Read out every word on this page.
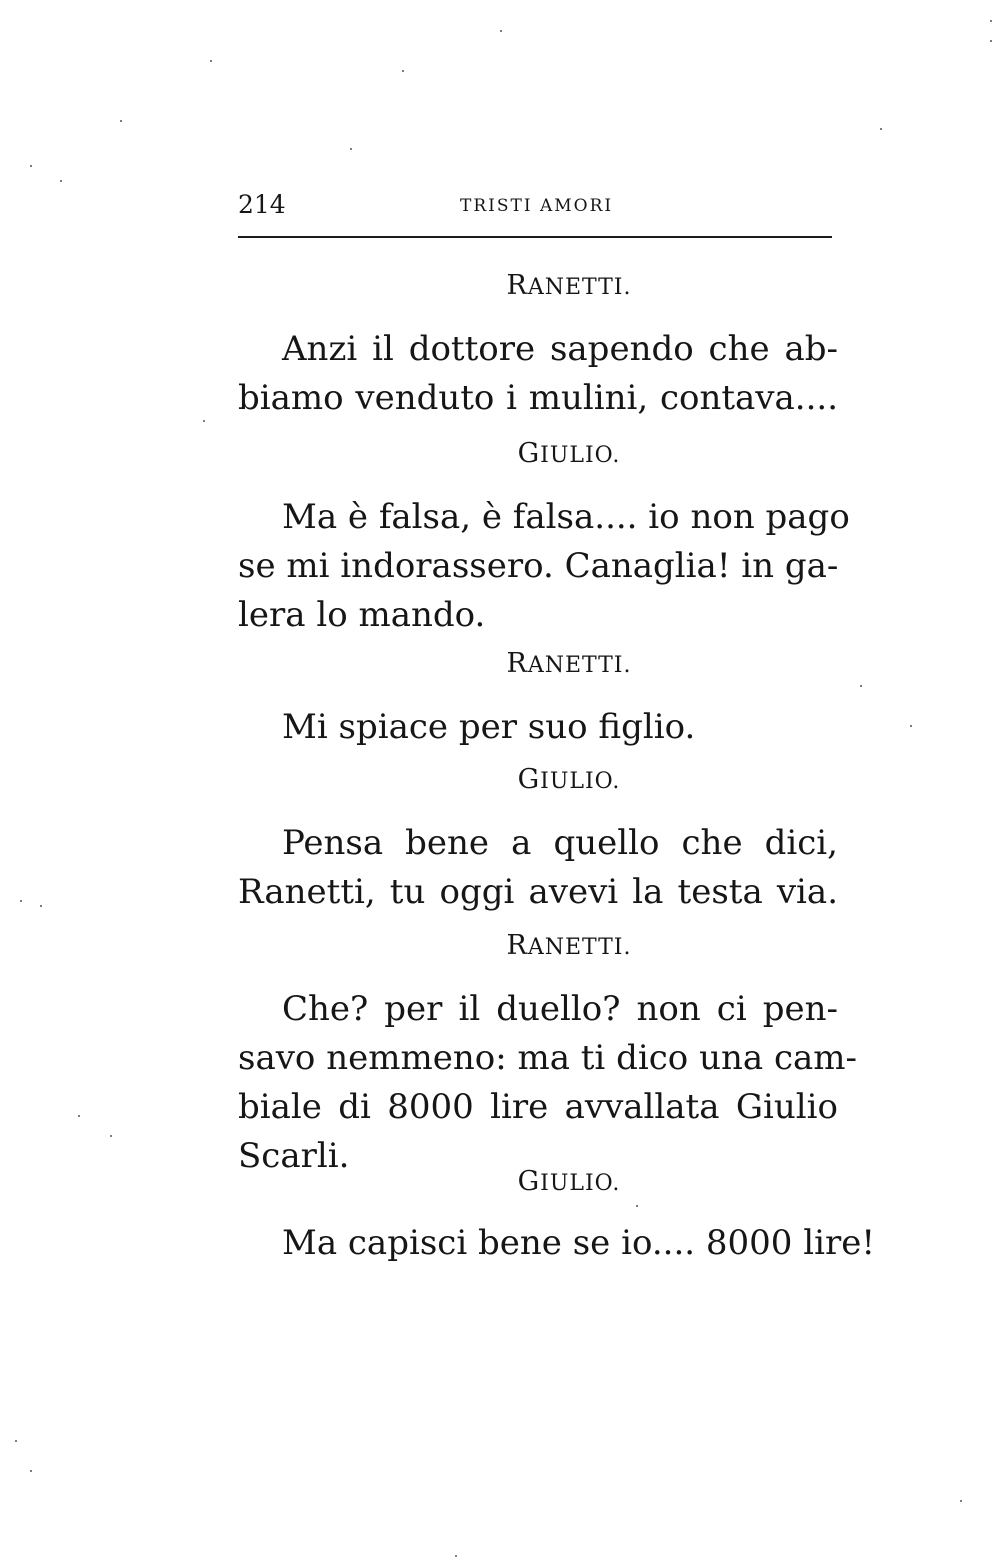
214	TRISTI AMORI
RANETTI.
Anzi il dottore sapendo che ab-
biamo venduto i mulini, contava....
GIULIO.
Ma è falsa, è falsa.... io non pago
se mi indorassero. Canaglia! in ga-
lera lo mando.
RANETTI.
Mi spiace per suo figlio.
GIULIO.
Pensa bene a quello che dici,
Ranetti, tu oggi avevi la testa via.
RANETTI.
Che? per il duello? non ci pen-
savo nemmeno: ma ti dico una cam-
biale di 8000 lire avvallata Giulio
Scarli.
GIULIO.
Ma capisci bene se io.... 8000 lire!
